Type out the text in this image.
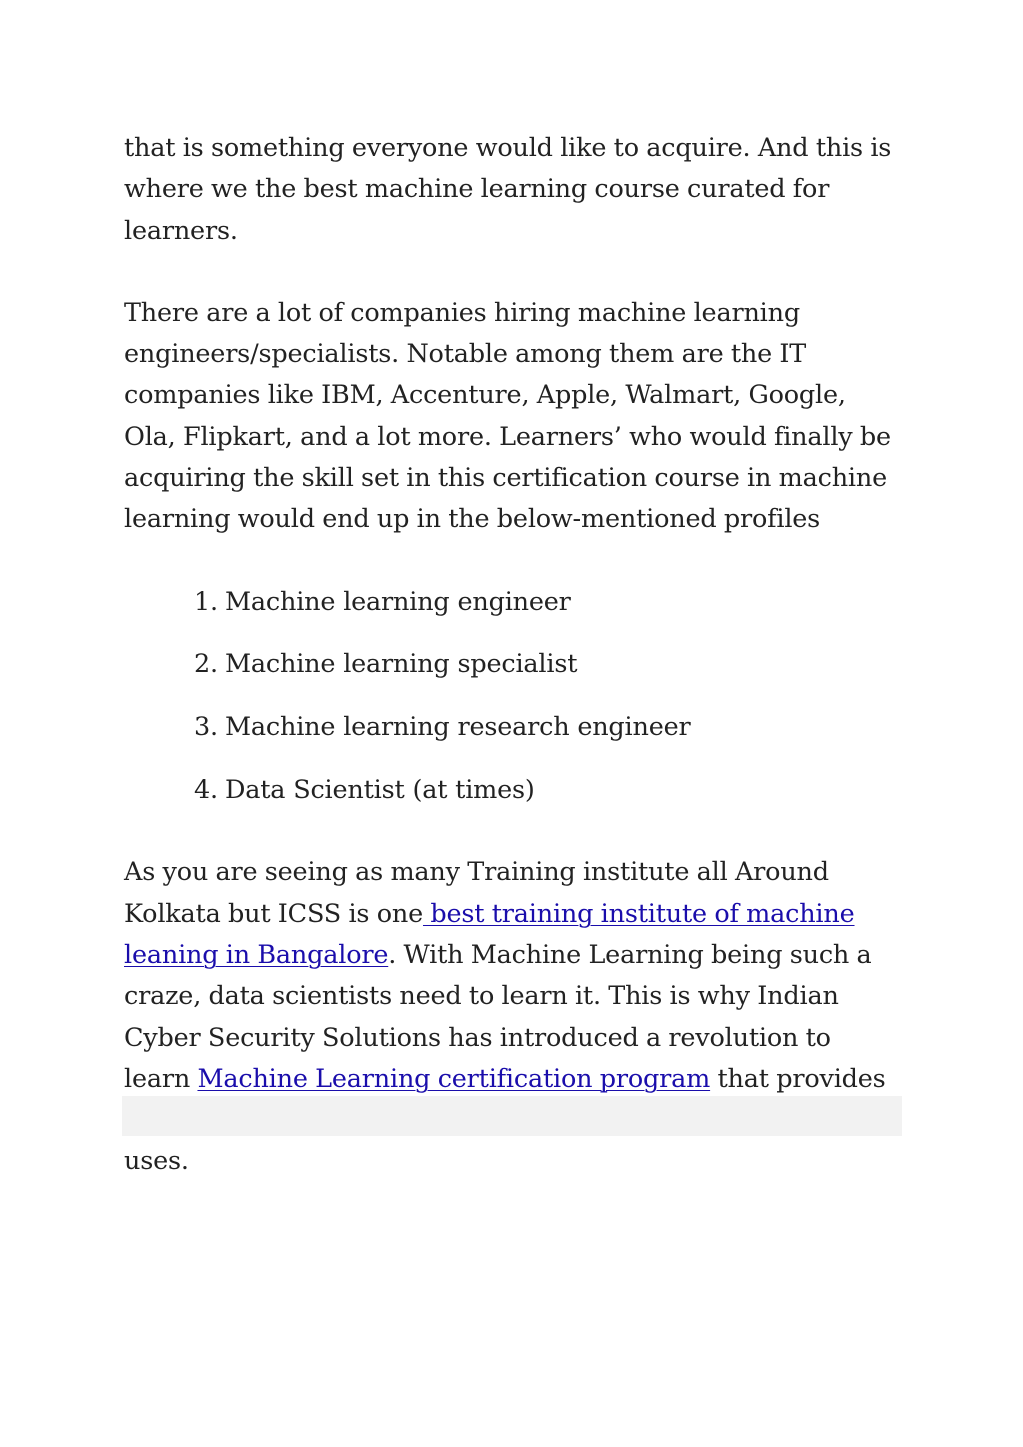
that is something everyone would like to acquire. And this is where we the best machine learning course curated for learners.

There are a lot of companies hiring machine learning engineers/specialists. Notable among them are the IT companies like IBM, Accenture, Apple, Walmart, Google, Ola, Flipkart, and a lot more. Learners’ who would finally be acquiring the skill set in this certification course in machine learning would end up in the below-mentioned profiles

1. Machine learning engineer
2. Machine learning specialist
3. Machine learning research engineer
4. Data Scientist (at times)

As you are seeing as many Training institute all Around Kolkata but ICSS is one best training institute of machine leaning in Bangalore. With Machine Learning being such a craze, data scientists need to learn it. This is why Indian Cyber Security Solutions has introduced a revolution to learn Machine Learning certification program that provides uses.
